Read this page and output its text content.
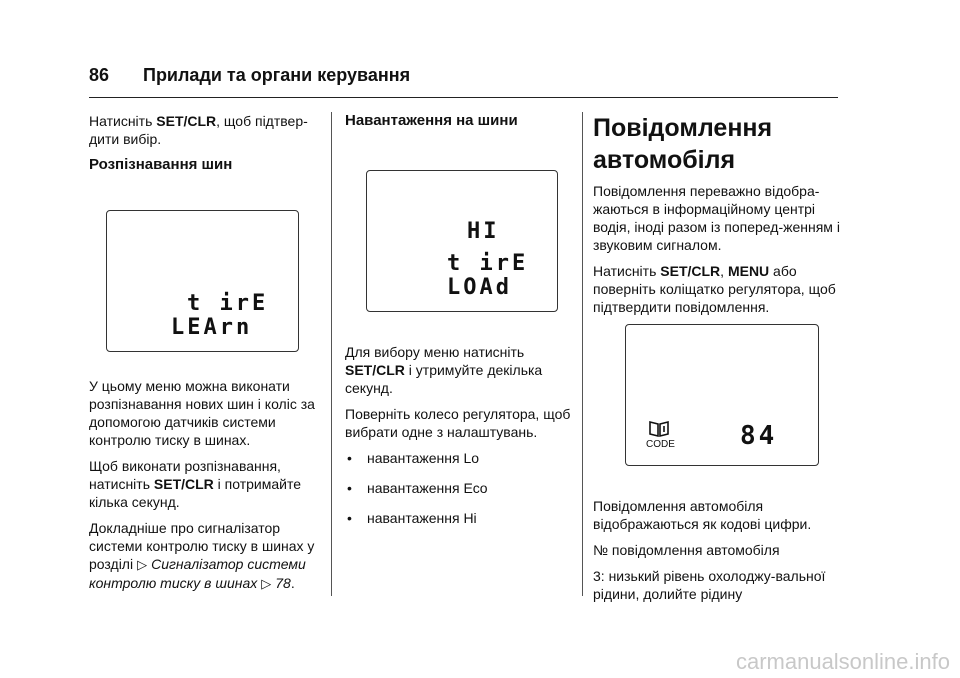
86 Прилади та органи керування

Натисніть SET/CLR, щоб підтвер-дити вибір.

Розпізнавання шин
t irE
LEArn

У цьому меню можна виконати розпізнавання нових шин і коліс за допомогою датчиків системи контролю тиску в шинах.

Щоб виконати розпізнавання, натисніть SET/CLR і потримайте кілька секунд.

Докладніше про сигналізатор системи контролю тиску в шинах у розділі ▷ Сигналізатор системи контролю тиску в шинах ▷ 78.

Навантаження на шини
HI
t irE
LOAd

Для вибору меню натисніть SET/CLR і утримуйте декілька секунд.

Поверніть колесо регулятора, щоб вибрати одне з налаштувань.

• навантаження Lo
• навантаження Eco
• навантаження Hi
Повідомлення автомобіля

Повідомлення переважно відобра-жаються в інформаційному центрі водія, іноді разом із поперед-женням і звуковим сигналом.

Натисніть SET/CLR, MENU або поверніть коліщатко регулятора, щоб підтвердити повідомлення.

CODE	84

Повідомлення автомобіля відображаються як кодові цифри.

№ повідомлення автомобіля

3: низький рівень охолоджу-вальної рідини, долийте рідину

carmanualsonline.info
